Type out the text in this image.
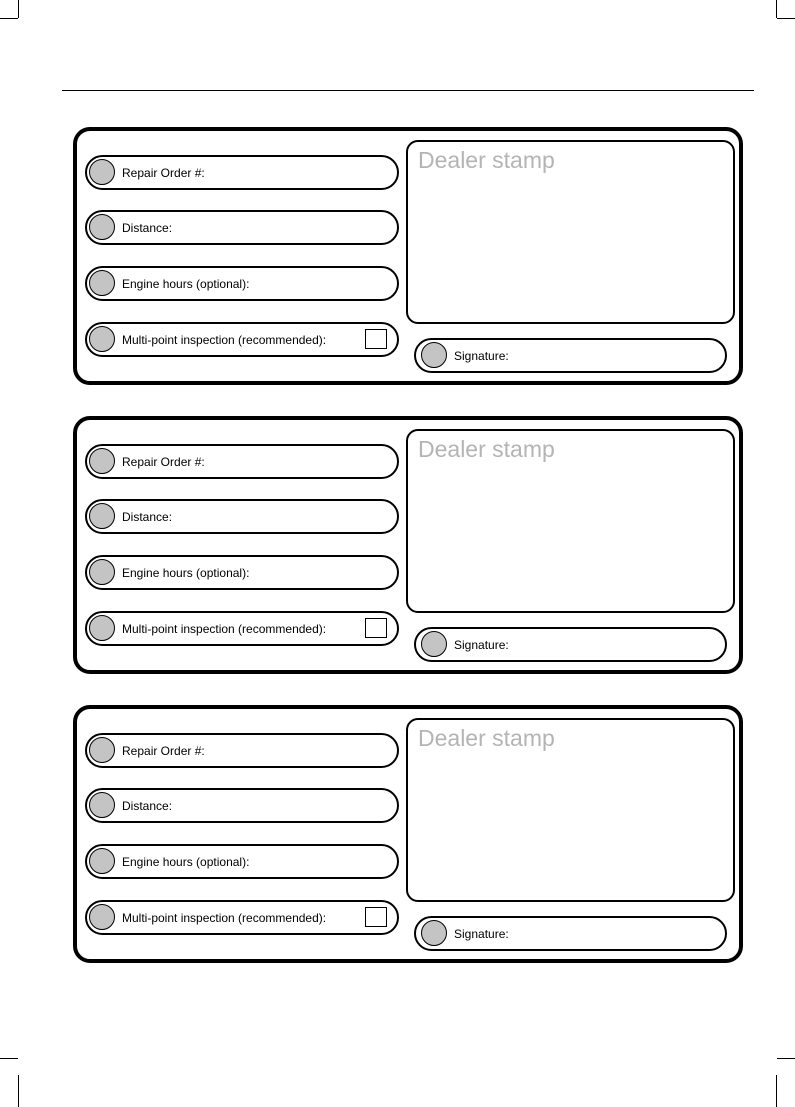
Repair Order #:
Distance:
Engine hours (optional):
Multi-point inspection (recommended):
Dealer stamp
Signature:
Repair Order #:
Distance:
Engine hours (optional):
Multi-point inspection (recommended):
Dealer stamp
Signature:
Repair Order #:
Distance:
Engine hours (optional):
Multi-point inspection (recommended):
Dealer stamp
Signature:
